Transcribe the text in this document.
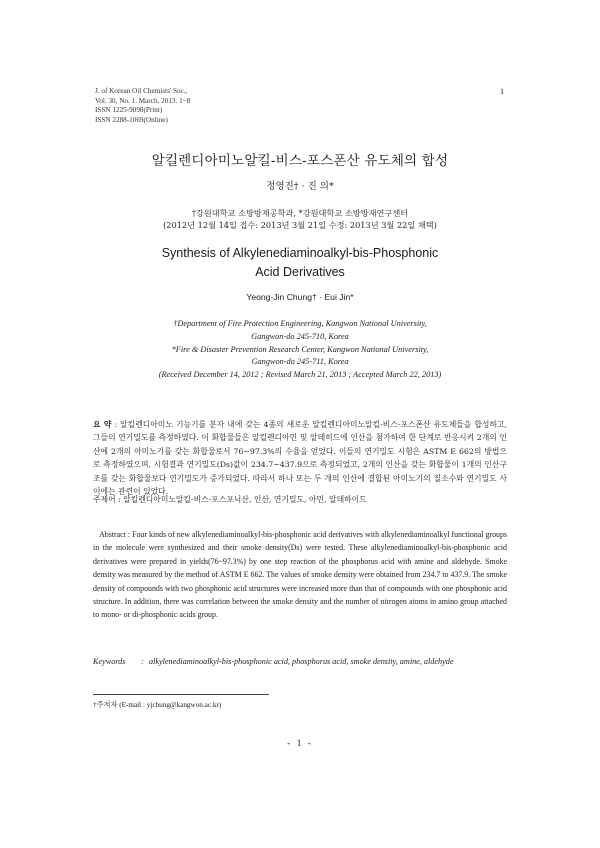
J. of Korean Oil Chemists' Soc.,
Vol. 30, No. 1. March, 2013. 1~8
ISSN 1225-9098(Print)
ISSN 2288-1069(Online)
1
알킬렌디아미노알킬-비스-포스폰산 유도체의 합성
정영진† · 진 의*
†강원대학교 소방방재공학과, *강원대학교 소방방재연구센터
(2012년 12월 14일 접수: 2013년 3월 21일 수정: 2013년 3월 22일 채택)
Synthesis of Alkylenediaminoalkyl-bis-Phosphonic
Acid Derivatives
Yeong-Jin Chung† · Eui Jin*
†Department of Fire Protection Engineering, Kangwon National University,
Gangwon-do 245-710, Korea
*Fire & Disaster Prevention Research Center, Kangwon National University,
Gangwon-do 245-711, Korea
(Received December 14, 2012 ; Revised March 21, 2013 ; Accepted March 22, 2013)
요 약 : 알킬렌디아미노 기능기를 분자 내에 갖는 4종의 새로운 알킬렌디아미노알킬-비스-포스폰산 유도체들을 합성하고, 그들의 연기밀도를 측정하였다. 이 화합물들은 알킬렌디아민 및 알데히드에 인산을 첨가하여 한 단계로 반응시켜 2개의 인산에 2개의 아미노기를 갖는 화합물로서 76~97.3%의 수율을 얻었다. 이들의 연기밀도 시험은 ASTM E 662의 방법으로 측정하였으며, 시험결과 연기밀도(Ds)값이 234.7~437.9으로 측정되었고, 2개의 인산을 갖는 화합물이 1개의 인산구조를 갖는 화합물보다 연기밀도가 증가되었다. 따라서 하나 또는 두 개의 인산에 결합된 아미노기의 질소수와 연기밀도 사이에는 관련이 있었다.
주제어 : 알킬렌디아미노알킬-비스-포스포닉산, 인산, 연기밀도, 아민, 알데하이드
Abstract : Four kinds of new alkylenediaminoalkyl-bis-phosphonic acid derivatives with alkylenediaminoalkyl functional groups in the molecule were synthesized and their smoke density(Ds) were tested. These alkylenediaminoalkyl-bis-phosphonic acid derivatives were prepared in yields(76~97.3%) by one step reaction of the phosphorus acid with amine and aldehyde. Smoke density was measured by the method of ASTM E 662. The values of smoke density were obtained from 234.7 to 437.9. The smoke density of compounds with two phosphonic acid structures were increased more than that of compounds with one phosphonic acid structure. In addition, there was correlation between the smoke density and the number of nitrogen atoms in amino group attached to mono- or di-phosphonic acids group.
Keywords	: alkylenediaminoalkyl-bis-phosphonic acid, phosphorus acid, smoke density, amine, aldehyde
†주저자 (E-mail : yjchung@kangwon.ac.kr)
- 1 -
